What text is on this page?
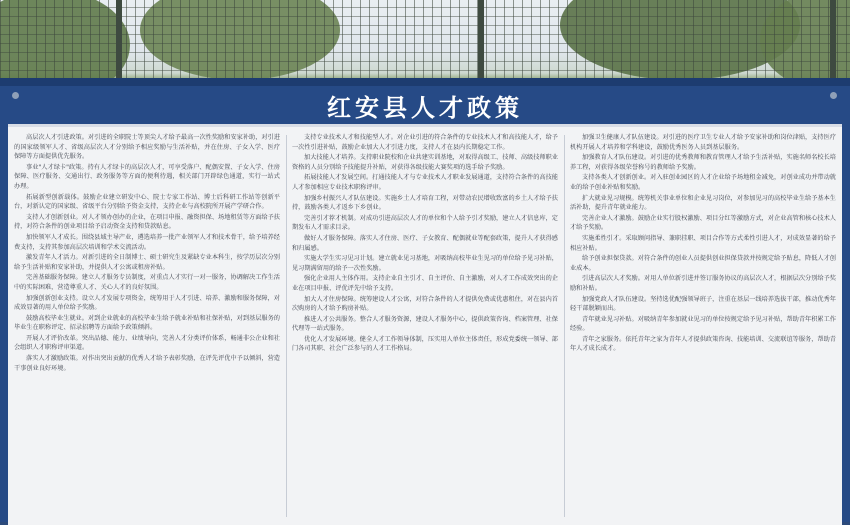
红安县人才政策

高层次人才引进政策。对引进的全职院士等顶尖人才给予最高一次性奖励和安家补助，对引进的国家级领军人才、省级高层次人才分别给予相应奖励与生活补贴，并在住房、子女入学、医疗保障等方面提供优先服务。

事业"人才绿卡"政策。持有人才绿卡的高层次人才，可享受落户、配偶安置、子女入学、住房保障、医疗服务、交通出行、政务服务等方面的便利待遇，相关部门开辟绿色通道，实行一站式办理。

拓展新型创新载体。鼓励企业建立研发中心、院士专家工作站、博士后科研工作站等创新平台，对新认定的国家级、省级平台分别给予资金支持，支持企业与高校院所开展产学研合作。

支持人才创新创业。对人才领办创办的企业，在项目申报、融资担保、场地租赁等方面给予扶持，对符合条件的创业项目给予启动资金支持和贷款贴息。

加快领军人才成长。围绕县域主导产业，遴选培养一批产业领军人才和技术骨干，给予培养经费支持，支持其参加高层次培训和学术交流活动。

激发青年人才活力。对新引进的全日制博士、硕士研究生及紧缺专业本科生，按学历层次分别给予生活补贴和安家补助，并提供人才公寓或租房补贴。

完善基础服务保障。建立人才服务专员制度，对重点人才实行一对一服务，协调解决工作生活中的实际困难，营造尊重人才、关心人才的良好氛围。

加强创新创业支持。设立人才发展专项资金，统筹用于人才引进、培养、激励和服务保障，对成效显著的用人单位给予奖励。

鼓励高校毕业生就业。对到企业就业的高校毕业生给予就业补贴和社保补贴，对到基层服务的毕业生在职称评定、招录招聘等方面给予政策倾斜。

开展人才评价改革。突出品德、能力、业绩导向，完善人才分类评价体系，畅通非公企业和社会组织人才职称评审渠道。

落实人才激励政策。对作出突出贡献的优秀人才给予表彰奖励，在评先评优中予以倾斜，营造干事创业良好环境。

支持专业技术人才和技能型人才。对企业引进的符合条件的专业技术人才和高技能人才，给予一次性引进补贴，鼓励企业加大人才引进力度，支持人才在县内长期稳定工作。

加大技能人才培养。支持职业院校和企业共建实训基地，对取得高级工、技师、高级技师职业资格的人员分别给予技能提升补贴，对获得各级技能大赛奖项的选手给予奖励。

拓展技能人才发展空间。打通技能人才与专业技术人才职业发展通道，支持符合条件的高技能人才参加相应专业技术职称评审。

加强乡村振兴人才队伍建设。实施乡土人才培育工程，对带动农民增收致富的乡土人才给予扶持，鼓励各类人才返乡下乡创业。

完善引才荐才机制。对成功引进高层次人才的单位和个人给予引才奖励，建立人才信息库，定期发布人才需求目录。

做好人才服务保障。落实人才住房、医疗、子女教育、配偶就业等配套政策，提升人才获得感和归属感。

实施大学生实习见习计划。建立就业见习基地，对吸纳高校毕业生见习的单位给予见习补贴，见习期满留用的给予一次性奖励。

强化企业用人主体作用。支持企业自主引才、自主评价、自主激励，对人才工作成效突出的企业在项目申报、评优评先中给予支持。

加大人才住房保障。统筹建设人才公寓，对符合条件的人才提供免费或优惠租住，对在县内首次购房的人才给予购房补贴。

推进人才公共服务。整合人才服务资源，建设人才服务中心，提供政策咨询、档案管理、社保代理等一站式服务。

优化人才发展环境。健全人才工作领导体制，压实用人单位主体责任，形成党委统一领导、部门各司其职、社会广泛参与的人才工作格局。

加强卫生健康人才队伍建设。对引进的医疗卫生专业人才给予安家补助和岗位津贴，支持医疗机构开展人才培养和学科建设，鼓励优秀医务人员到基层服务。

加强教育人才队伍建设。对引进的优秀教师和教育管理人才给予生活补贴，实施名师名校长培养工程，对获得各级荣誉称号的教师给予奖励。

支持各类人才创新创业。对入驻创业园区的人才企业给予场地租金减免，对创业成功并带动就业的给予创业补贴和奖励。

扩大就业见习规模。统筹机关事业单位和企业见习岗位，对参加见习的高校毕业生给予基本生活补助，提升青年就业能力。

完善企业人才激励。鼓励企业实行股权激励、项目分红等激励方式，对企业高管和核心技术人才给予奖励。

实施柔性引才。采取顾问指导、兼职挂职、项目合作等方式柔性引进人才，对成效显著的给予相应补贴。

给予创业担保贷款。对符合条件的创业人员提供创业担保贷款并按规定给予贴息，降低人才创业成本。

引进高层次人才奖励。对用人单位新引进并签订服务协议的高层次人才，根据层次分别给予奖励和补贴。

加强党政人才队伍建设。坚持选优配强领导班子，注重在基层一线培养选拔干部，推动优秀年轻干部脱颖而出。

青年就业见习补贴。对吸纳青年参加就业见习的单位按规定给予见习补贴，帮助青年积累工作经验。

青年之家服务。依托青年之家为青年人才提供政策咨询、技能培训、交流联谊等服务，帮助青年人才成长成才。
